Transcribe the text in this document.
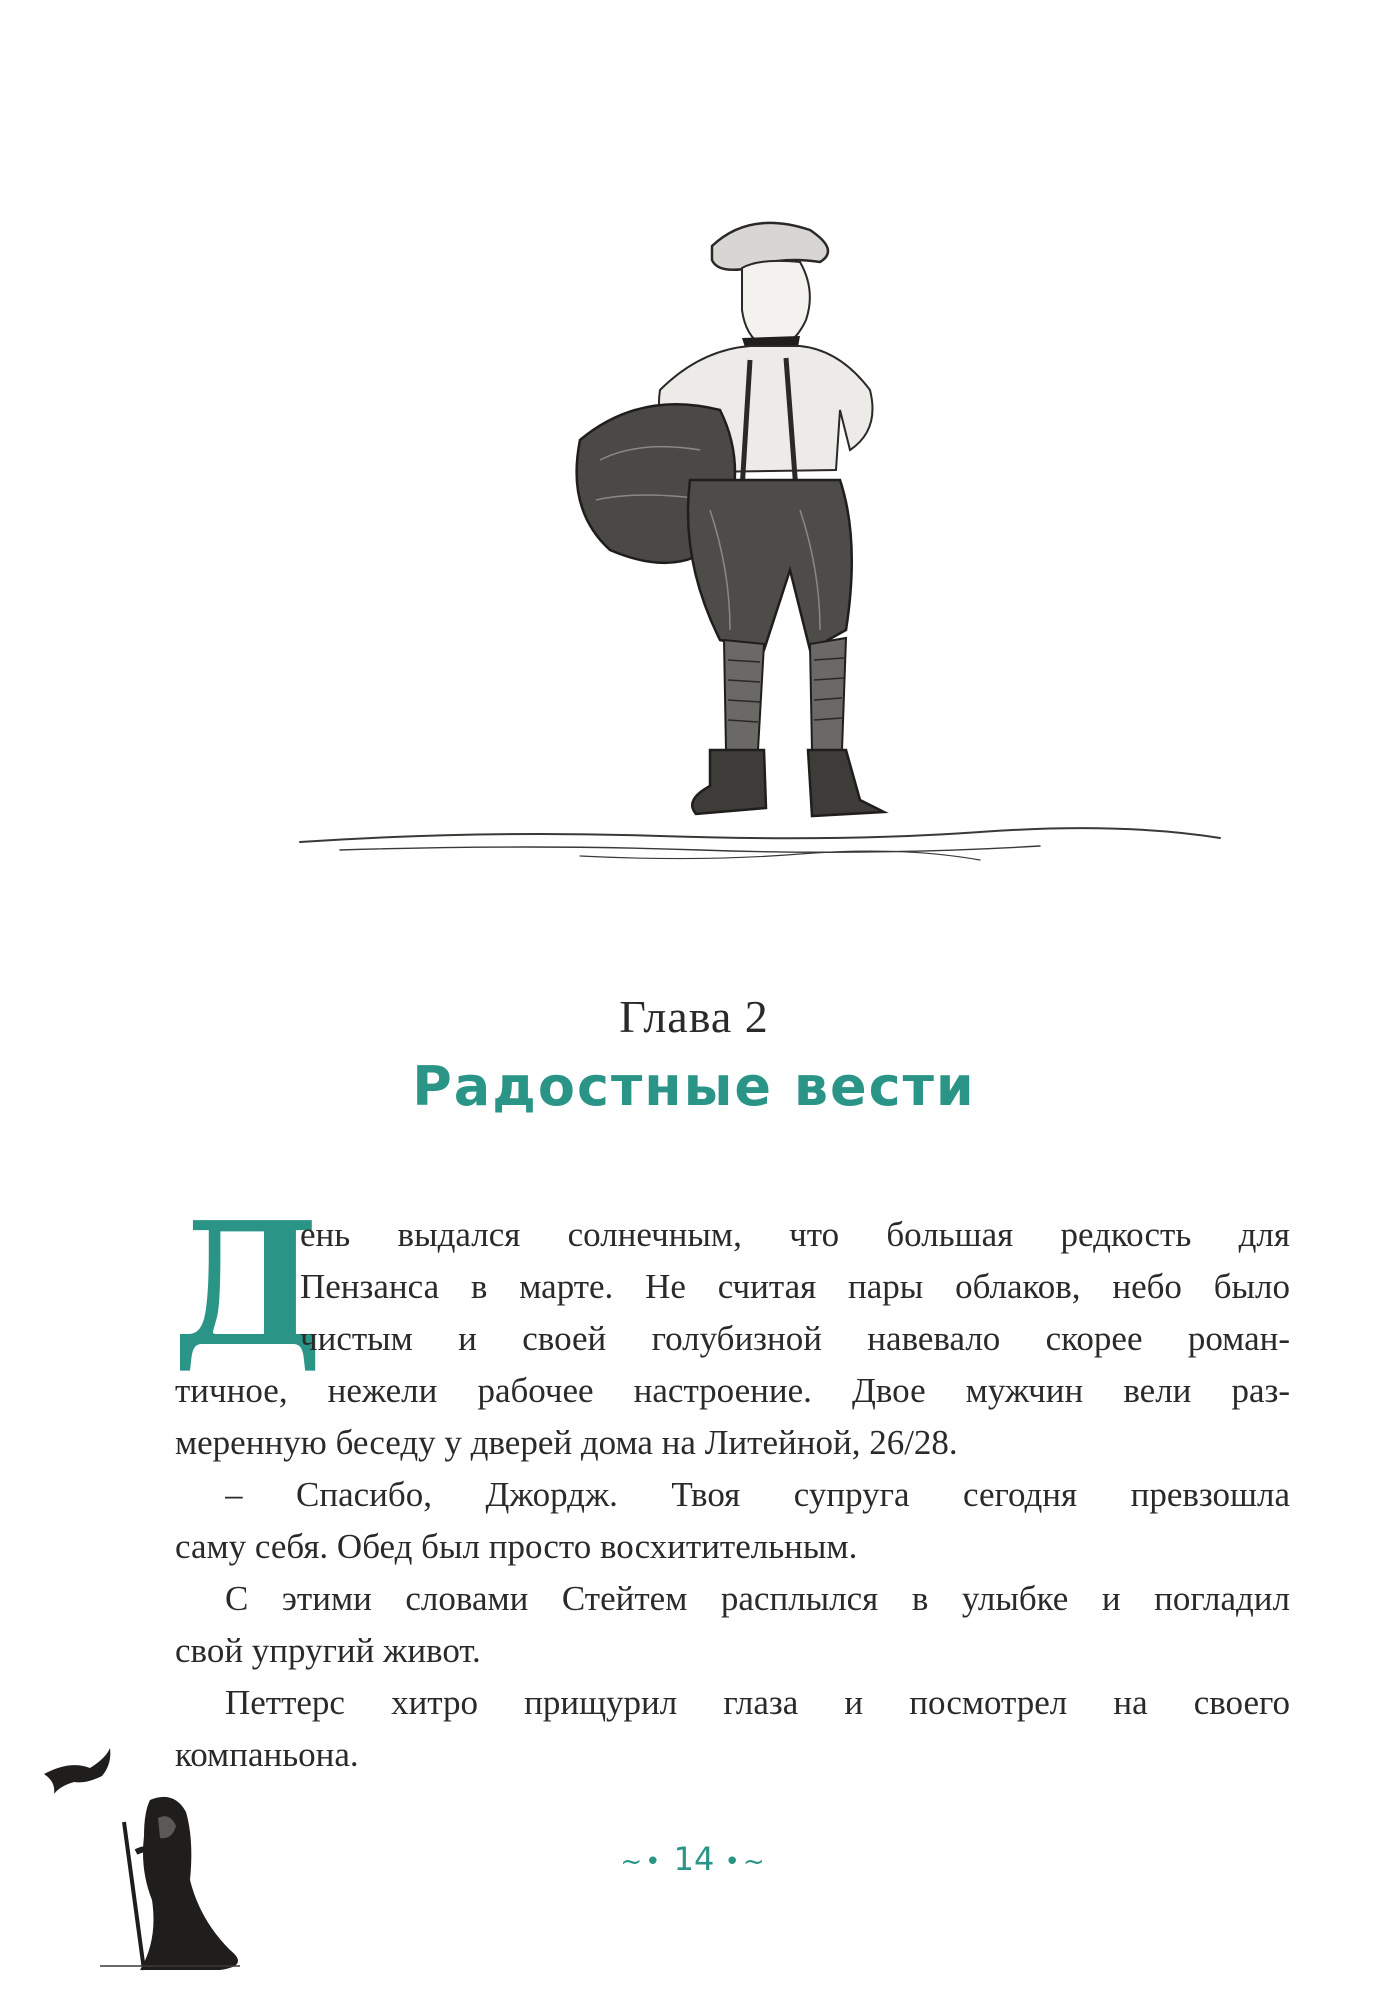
Глава 2
Радостные вести
Д
ень выдался солнечным, что большая редкость для
Пензанса в марте. Не считая пары облаков, небо было
чистым и своей голубизной навевало скорее роман-
тичное, нежели рабочее настроение. Двое мужчин вели раз-
меренную беседу у дверей дома на Литейной, 26/28.
– Спасибо, Джордж. Твоя супруга сегодня превзошла
саму себя. Обед был просто восхитительным.
С этими словами Стейтем расплылся в улыбке и погладил
свой упругий живот.
Петтерс хитро прищурил глаза и посмотрел на своего
компаньона.
~• 14 •~
